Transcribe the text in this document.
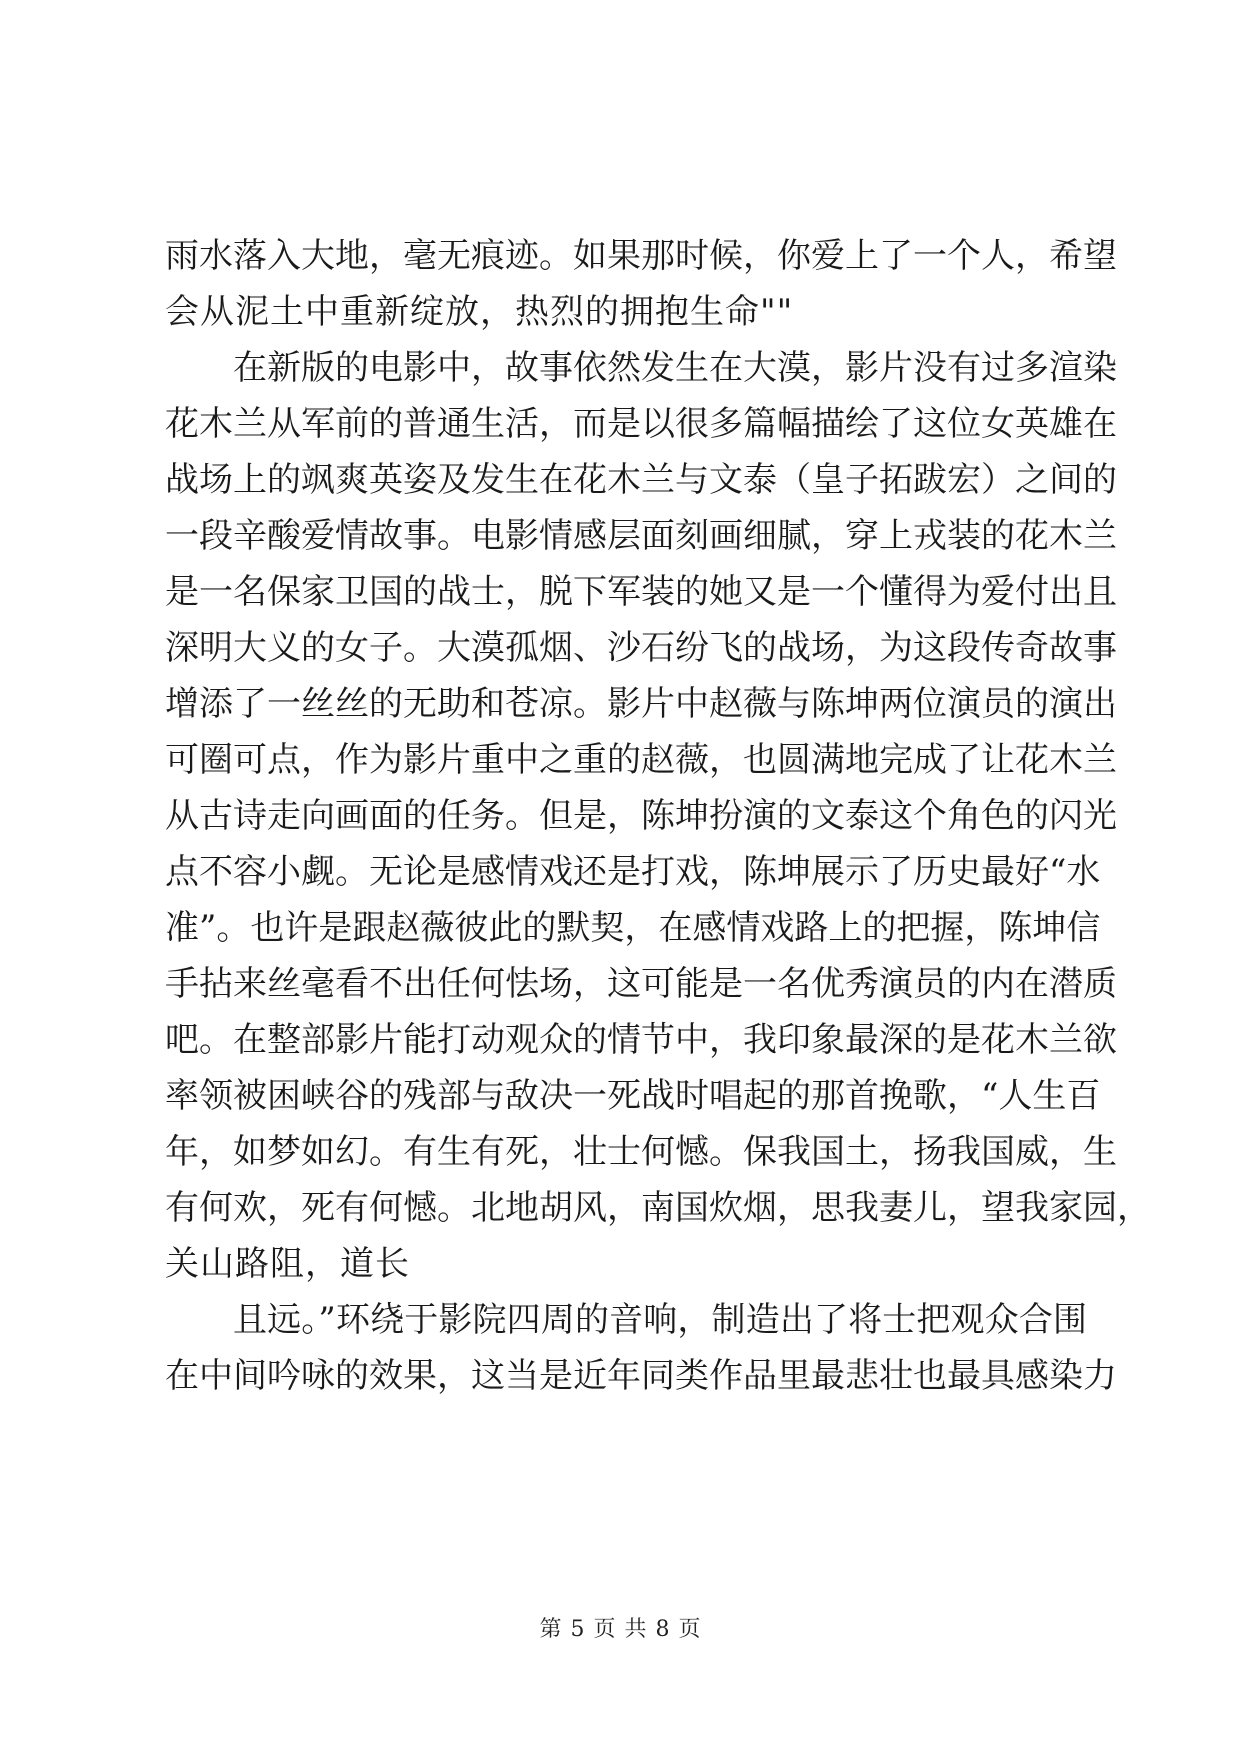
雨水落入大地，毫无痕迹。如果那时候，你爱上了一个人，希望
会从泥土中重新绽放，热烈的拥抱生命""
在新版的电影中，故事依然发生在大漠，影片没有过多渲染
花木兰从军前的普通生活，而是以很多篇幅描绘了这位女英雄在
战场上的飒爽英姿及发生在花木兰与文泰（皇子拓跋宏）之间的
一段辛酸爱情故事。电影情感层面刻画细腻，穿上戎装的花木兰
是一名保家卫国的战士，脱下军装的她又是一个懂得为爱付出且
深明大义的女子。大漠孤烟、沙石纷飞的战场，为这段传奇故事
增添了一丝丝的无助和苍凉。影片中赵薇与陈坤两位演员的演出
可圈可点，作为影片重中之重的赵薇，也圆满地完成了让花木兰
从古诗走向画面的任务。但是，陈坤扮演的文泰这个角色的闪光
点不容小觑。无论是感情戏还是打戏，陈坤展示了历史最好“水
准”。也许是跟赵薇彼此的默契，在感情戏路上的把握，陈坤信
手拈来丝毫看不出任何怯场，这可能是一名优秀演员的内在潜质
吧。在整部影片能打动观众的情节中，我印象最深的是花木兰欲
率领被困峡谷的残部与敌决一死战时唱起的那首挽歌，“人生百
年，如梦如幻。有生有死，壮士何憾。保我国土，扬我国威，生
有何欢，死有何憾。北地胡风，南国炊烟，思我妻儿，望我家园，
关山路阻，道长
且远。”环绕于影院四周的音响，制造出了将士把观众合围
在中间吟咏的效果，这当是近年同类作品里最悲壮也最具感染力
第 5 页 共 8 页
